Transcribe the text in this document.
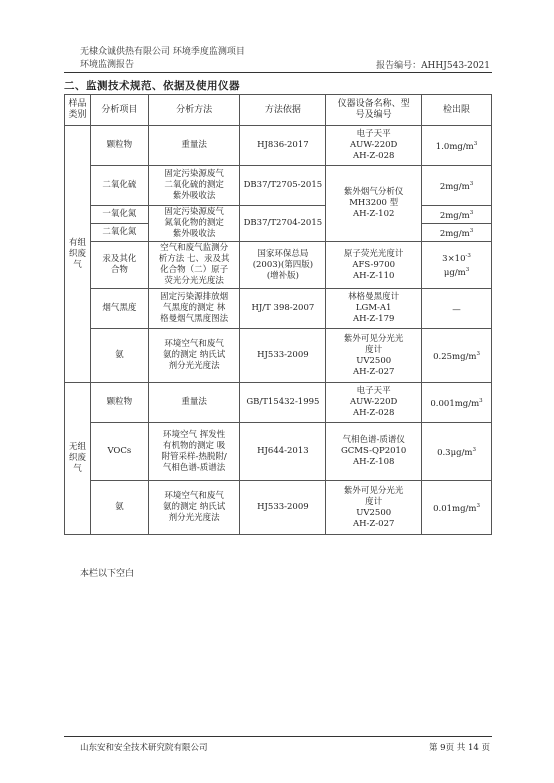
无棣众诚供热有限公司 环境季度监测项目
环境监测报告	报告编号：AHHJ543-2021
二、监测技术规范、依据及使用仪器
样品
类别	分析项目	分析方法	方法依据	仪器设备名称、型
号及编号	检出限
有组
织废
气	颗粒物	重量法	HJ836-2017	电子天平
AUW-220D
AH-Z-028	$1.0mg/m^3$
	二氧化硫	固定污染源废气
二氧化硫的测定
紫外吸收法	DB37/T2705-2015	紫外烟气分析仪
MH3200 型
AH-Z-102	$2mg/m^3$
	一氧化氮	固定污染源废气
氮氧化物的测定
紫外吸收法	DB37/T2704-2015		$2mg/m^3$
	二氧化氮				$2mg/m^3$
	汞及其化
合物	空气和废气监测分
析方法 七、汞及其
化合物（二）原子
荧光分光光度法	国家环保总局
(2003)(第四版)
(增补版)	原子荧光光度计
AFS-9700
AH-Z-110	$3\times 10^{-3}$
$\mu g/m^3$
	烟气黑度	固定污染源排放烟
气黑度的测定 林
格曼烟气黑度图法	HJ/T 398-2007	林格曼黑度计
LGM-A1
AH-Z-179	—
	氨	环境空气和废气
氨的测定 纳氏试
剂分光光度法	HJ533-2009	紫外可见分光光
度计
UV2500
AH-Z-027	$0.25mg/m^3$
无组
织废
气	颗粒物	重量法	GB/T15432-1995	电子天平
AUW-220D
AH-Z-028	$0.001mg/m^3$
	VOCs	环境空气 挥发性
有机物的测定 吸
附管采样-热脱附/
气相色谱-质谱法	HJ644-2013	气相色谱-质谱仪
GCMS-QP2010
AH-Z-108	$0.3\mu g/m^3$
	氨	环境空气和废气
氨的测定 纳氏试
剂分光光度法	HJ533-2009	紫外可见分光光
度计
UV2500
AH-Z-027	$0.01mg/m^3$
本栏以下空白
山东安和安全技术研究院有限公司	第 9页 共 14 页
